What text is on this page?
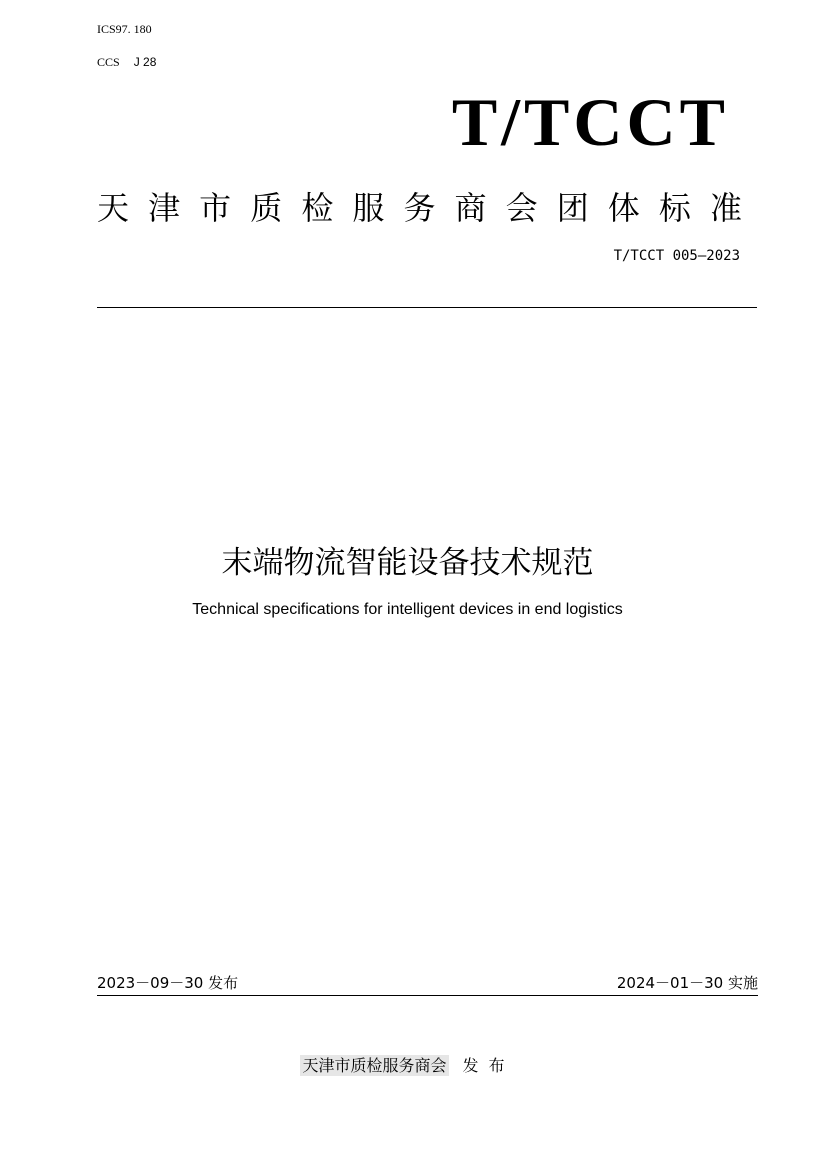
ICS97. 180
CCS J 28
T/TCCT
天 津 市 质 检 服 务 商 会 团 体 标 准
T/TCCT 005—2023
末端物流智能设备技术规范
Technical specifications for intelligent devices in end logistics
2023－09－30 发布	2024－01－30 实施
天津市质检服务商会 发布
